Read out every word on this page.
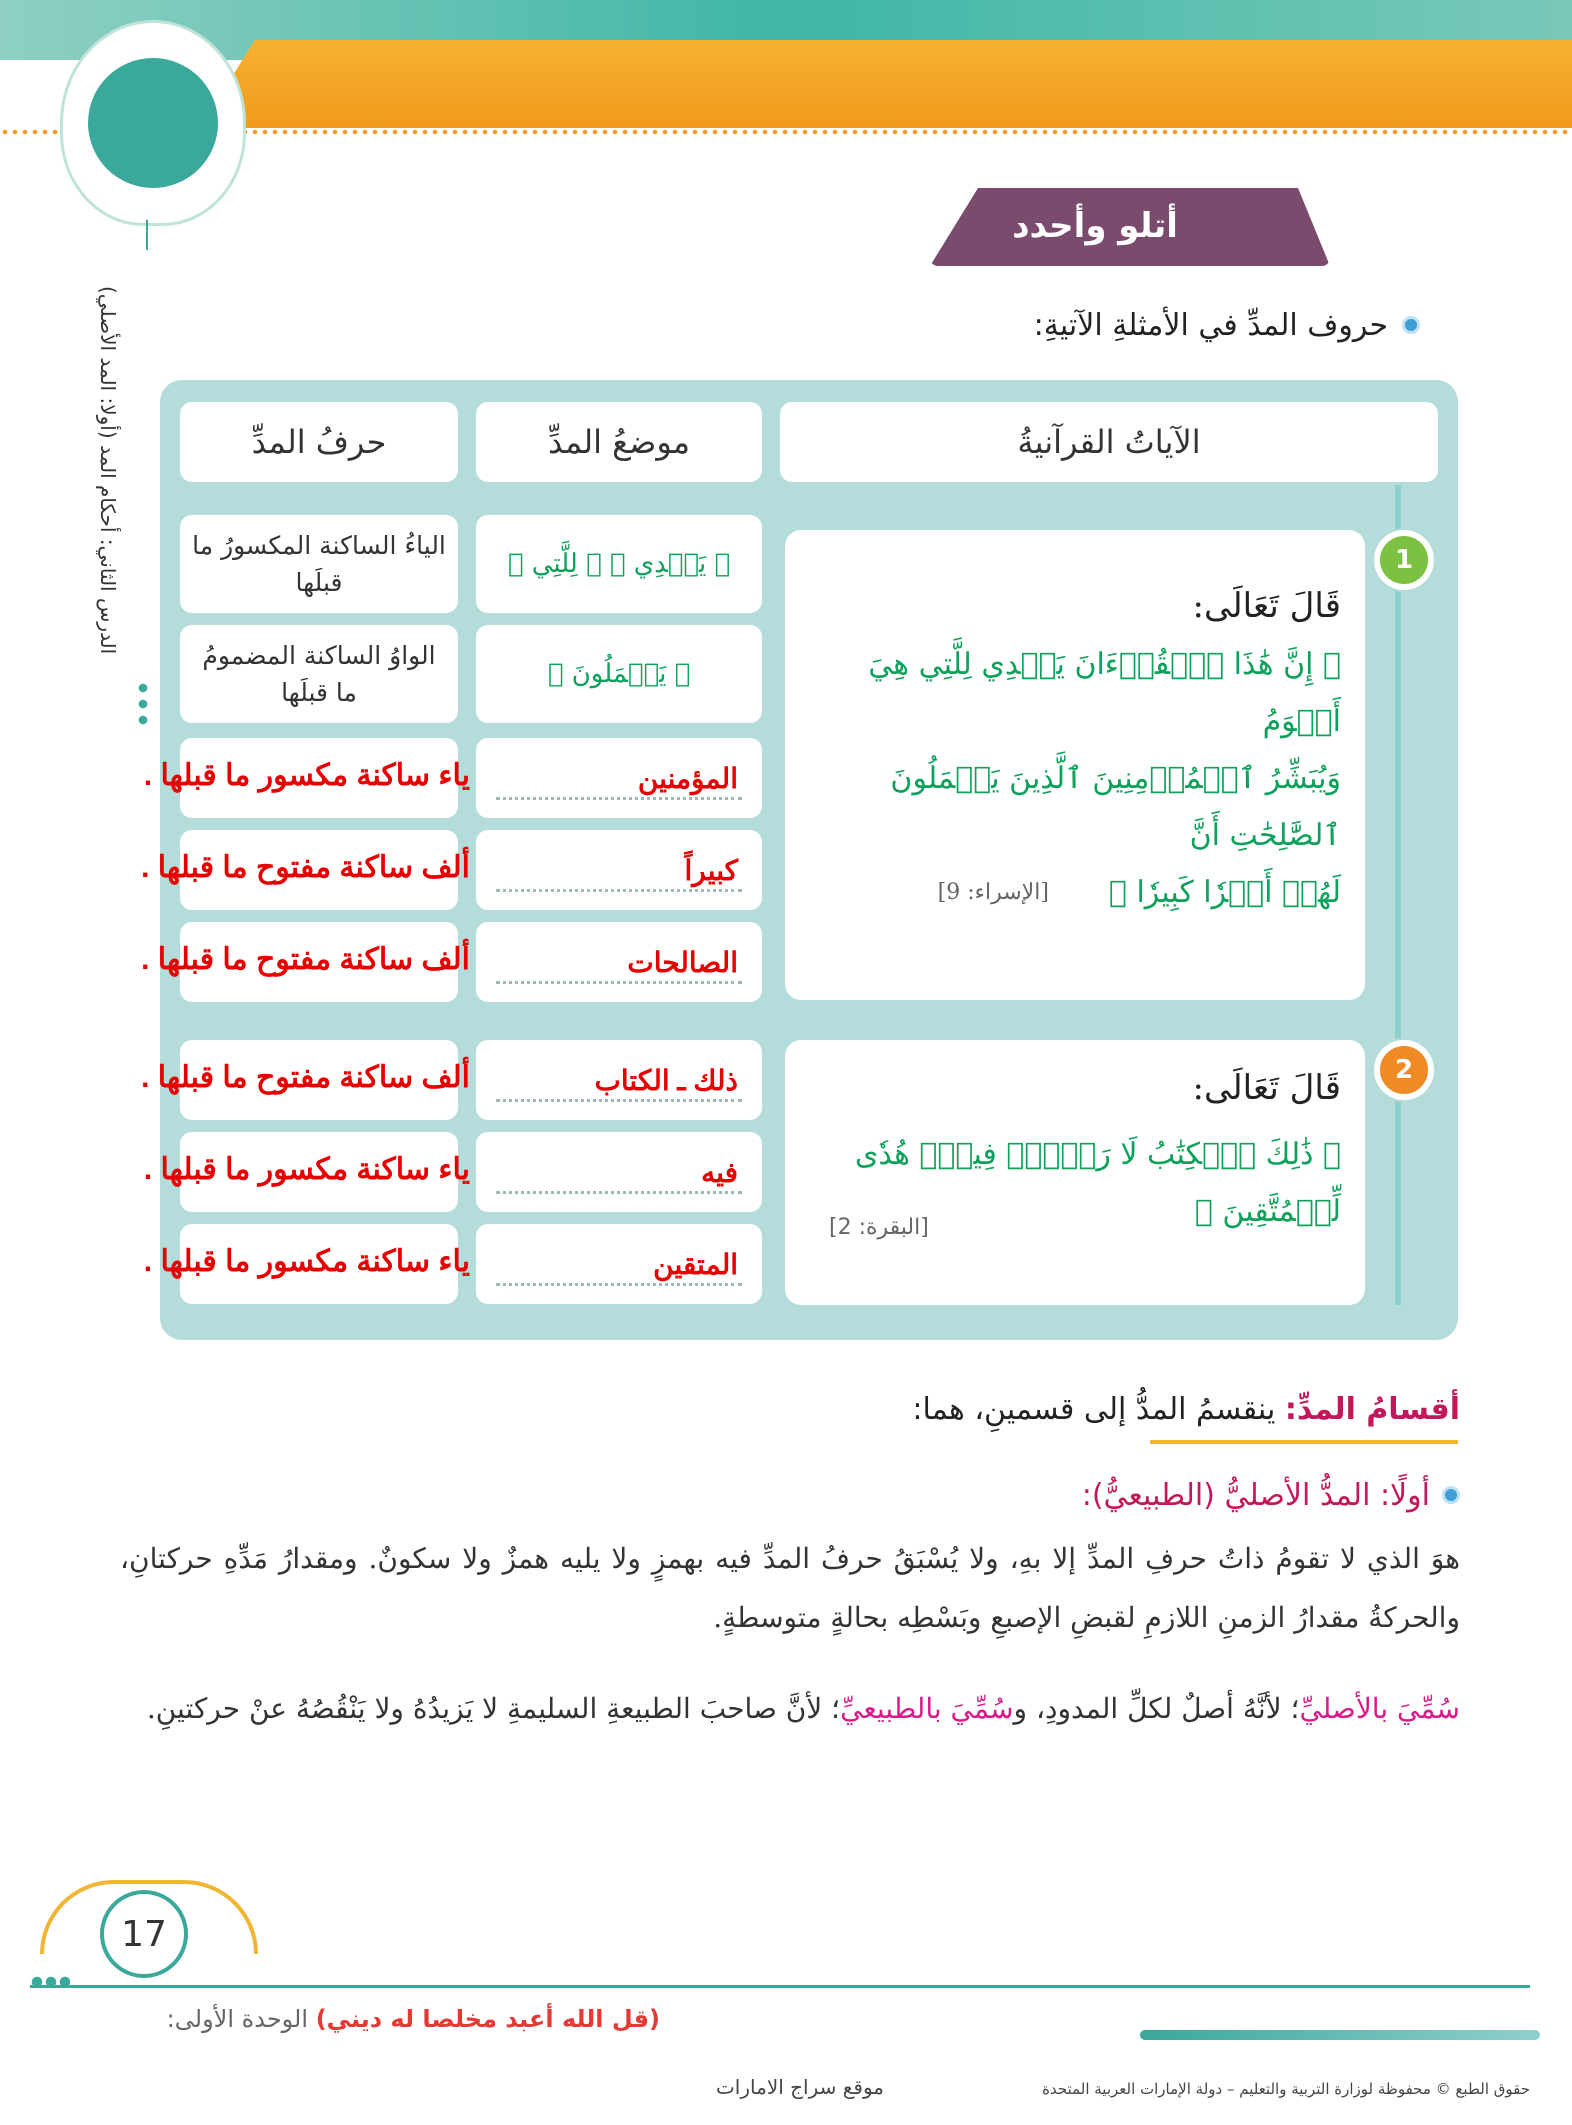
الدرس الثاني: أحكام المد (أولا: المد الأصلي)
أتلو وأحدد
حروف المدِّ في الأمثلةِ الآتيةِ:
الآياتُ القرآنيةُ
موضعُ المدِّ
حرفُ المدِّ
قَالَ تَعَالَى:
﴿ إِنَّ هَٰذَا ٱلۡقُرۡءَانَ يَهۡدِي لِلَّتِي هِيَ أَقۡوَمُ
وَيُبَشِّرُ ٱلۡمُؤۡمِنِينَ ٱلَّذِينَ يَعۡمَلُونَ ٱلصَّٰلِحَٰتِ أَنَّ
لَهُمۡ أَجۡرٗا كَبِيرٗا ﴾
[الإسراء: 9]
1
قَالَ تَعَالَى:
﴿ ذَٰلِكَ ٱلۡكِتَٰبُ لَا رَيۡبَۛ فِيهِۛ هُدٗى لِّلۡمُتَّقِينَ ﴾
[البقرة: 2]
2
﴿ يَهۡدِي ﴾ ﴿ لِلَّتِي ﴾
الياءُ الساكنة المكسورُ ما قبلَها
﴿ يَعۡمَلُونَ ﴾
الواوُ الساكنة المضمومُ ما قبلَها
المؤمنين
كبيراً
الصالحات
ذلك ـ الكتاب
فيه
المتقين
ياء ساكنة مكسور ما قبلها .
ألف ساكنة مفتوح ما قبلها .
ألف ساكنة مفتوح ما قبلها .
ألف ساكنة مفتوح ما قبلها .
ياء ساكنة مكسور ما قبلها .
ياء ساكنة مكسور ما قبلها .
أقسامُ المدِّ: ينقسمُ المدُّ إلى قسمينِ، هما:
أولًا: المدُّ الأصليُّ (الطبيعيُّ):
هوَ الذي لا تقومُ ذاتُ حرفِ المدِّ إلا بهِ، ولا يُسْبَقُ حرفُ المدِّ فيه بهمزٍ ولا يليه همزٌ ولا سكونٌ. ومقدارُ مَدِّهِ حركتانِ، والحركةُ مقدارُ الزمنِ اللازمِ لقبضِ الإصبعِ وبَسْطِه بحالةٍ متوسطةٍ.
سُمِّيَ بالأصليِّ؛ لأنَّهُ أصلٌ لكلِّ المدودِ، وسُمِّيَ بالطبيعيِّ؛ لأنَّ صاحبَ الطبيعةِ السليمةِ لا يَزيدُهُ ولا يَنْقُصُهُ عنْ حركتينِ.
17
(قل الله أعبد مخلصا له ديني) الوحدة الأولى:
حقوق الطبع © محفوظة لوزارة التربية والتعليم – دولة الإمارات العربية المتحدة
موقع سراج الامارات
